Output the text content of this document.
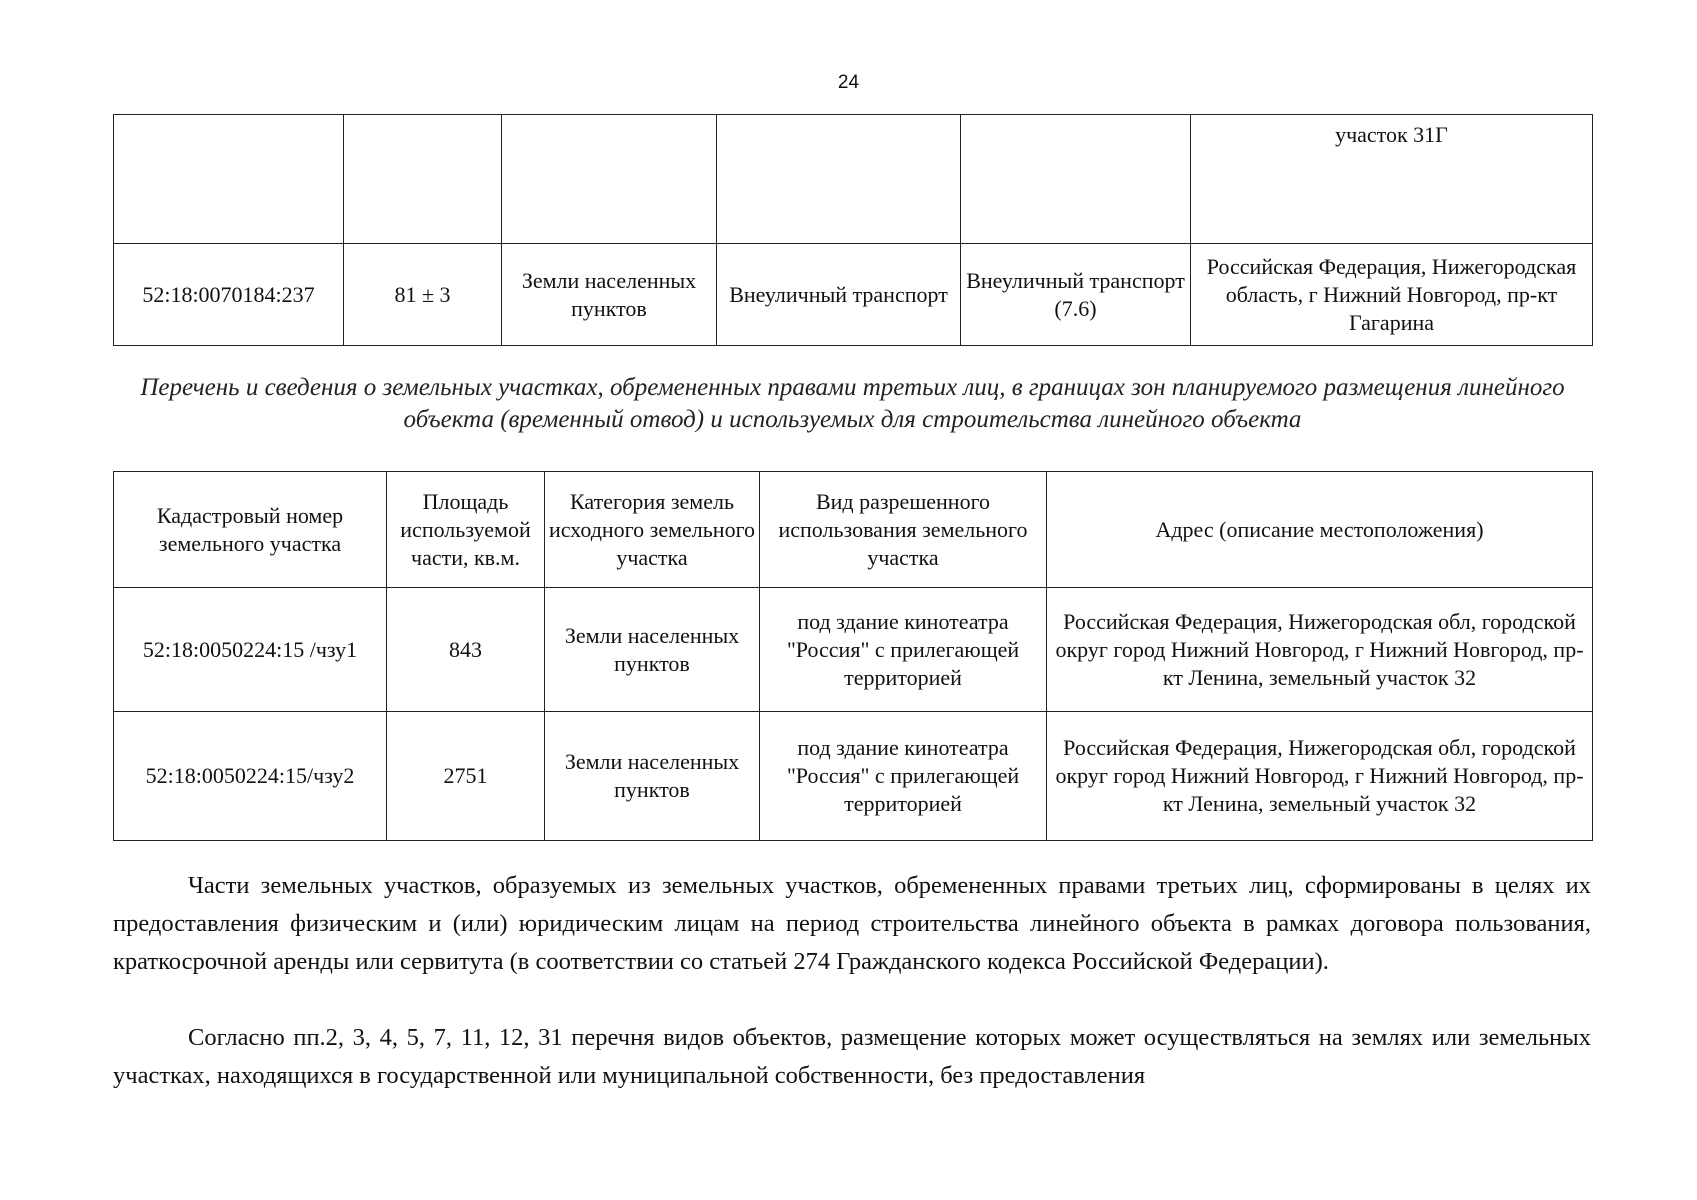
24
					участок 31Г
52:18:0070184:237	81 ± 3	Земли населенных пунктов	Внеуличный транспорт	Внеуличный транспорт (7.6)	Российская Федерация, Нижегородская область, г Нижний Новгород, пр-кт Гагарина
Перечень и сведения о земельных участках, обремененных правами третьих лиц, в границах зон планируемого размещения линейного объекта (временный отвод) и используемых для строительства линейного объекта
Кадастровый номер земельного участка	Площадь используемой части, кв.м.	Категория земель исходного земельного участка	Вид разрешенного использования земельного участка	Адрес (описание местоположения)
52:18:0050224:15 /чзу1	843	Земли населенных пунктов	под здание кинотеатра "Россия" с прилегающей территорией	Российская Федерация, Нижегородская обл, городской округ город Нижний Новгород, г Нижний Новгород, пр-кт Ленина, земельный участок 32
52:18:0050224:15/чзу2	2751	Земли населенных пунктов	под здание кинотеатра "Россия" с прилегающей территорией	Российская Федерация, Нижегородская обл, городской округ город Нижний Новгород, г Нижний Новгород, пр-кт Ленина, земельный участок 32

Части земельных участков, образуемых из земельных участков, обремененных правами третьих лиц, сформированы в целях их предоставления физическим и (или) юридическим лицам на период строительства линейного объекта в рамках договора пользования, краткосрочной аренды или сервитута (в соответствии со статьей 274 Гражданского кодекса Российской Федерации).

Согласно пп.2, 3, 4, 5, 7, 11, 12, 31 перечня видов объектов, размещение которых может осуществляться на землях или земельных участках, находящихся в государственной или муниципальной собственности, без предоставления
